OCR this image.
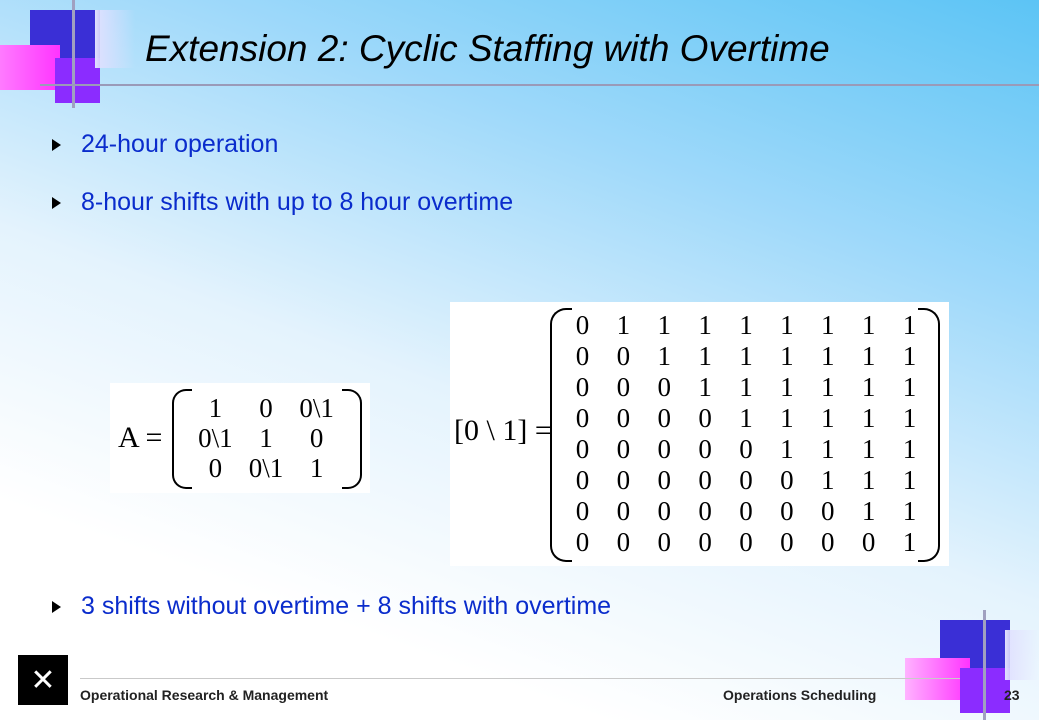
Extension 2: Cyclic Staffing with Overtime
24-hour operation
8-hour shifts with up to 8 hour overtime
3 shifts without overtime + 8 shifts with overtime
A =
1	0 0\1
0\1 1	0
0 0\1 1
[0 \ 1] =
0	1	1	1	1	1	1	1	1
0	0	1	1	1	1	1	1	1
0	0	0	1	1	1	1	1	1
0	0	0	0	1	1	1	1	1
0	0	0	0	0	1	1	1	1
0	0	0	0	0	0	1	1	1
0	0	0	0	0	0	0	1	1
0	0	0	0	0	0	0	0	1
✕	Operational Research & Management	Operations Scheduling	23
